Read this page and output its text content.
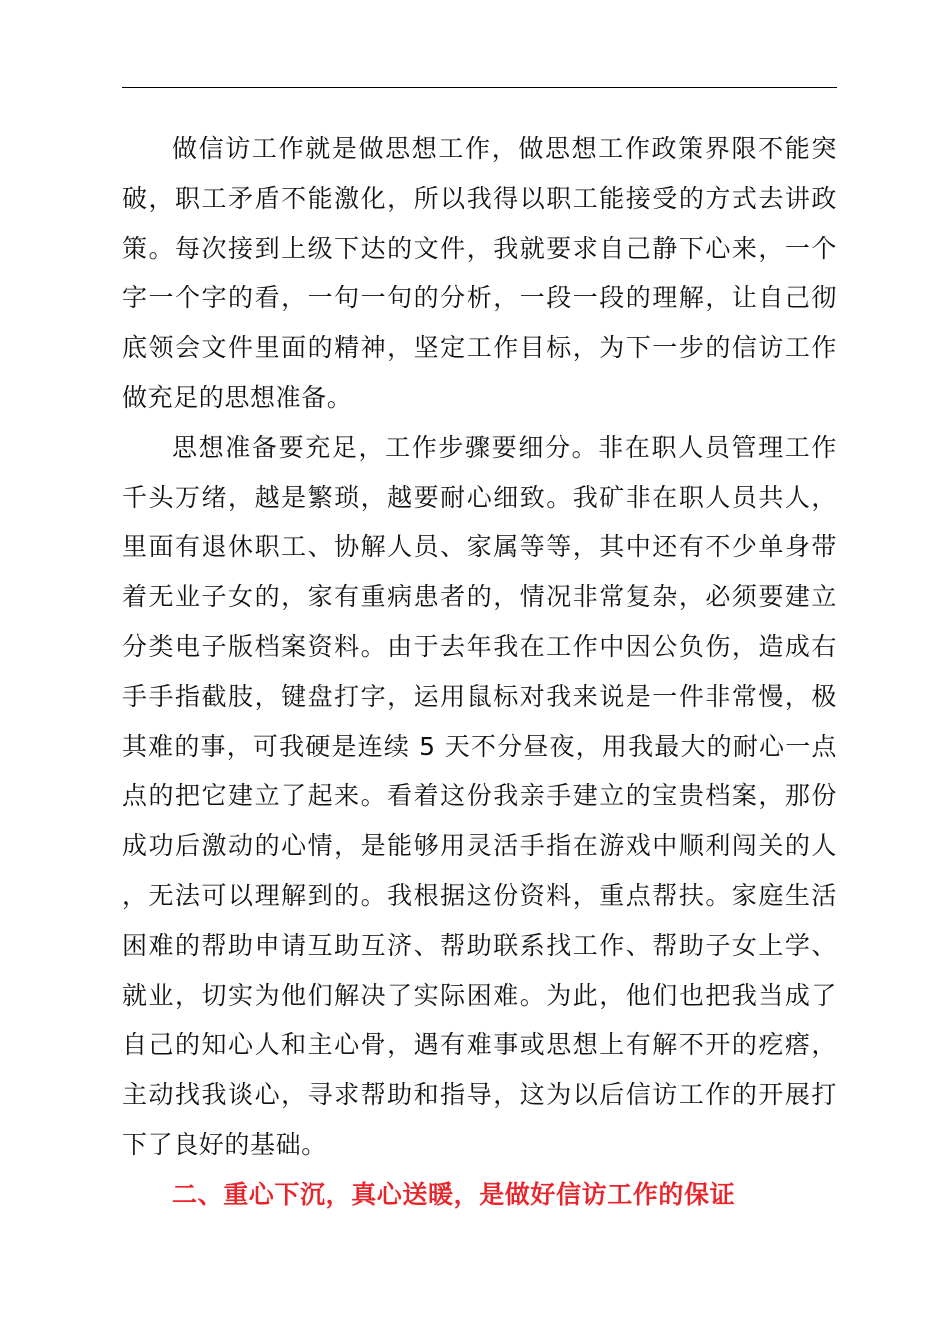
做信访工作就是做思想工作，做思想工作政策界限不能突破，职工矛盾不能激化，所以我得以职工能接受的方式去讲政策。每次接到上级下达的文件，我就要求自己静下心来，一个字一个字的看，一句一句的分析，一段一段的理解，让自己彻底领会文件里面的精神，坚定工作目标，为下一步的信访工作做充足的思想准备。

思想准备要充足，工作步骤要细分。非在职人员管理工作千头万绪，越是繁琐，越要耐心细致。我矿非在职人员共人，里面有退休职工、协解人员、家属等等，其中还有不少单身带着无业子女的，家有重病患者的，情况非常复杂，必须要建立分类电子版档案资料。由于去年我在工作中因公负伤，造成右手手指截肢，键盘打字，运用鼠标对我来说是一件非常慢，极其难的事，可我硬是连续 5 天不分昼夜，用我最大的耐心一点点的把它建立了起来。看着这份我亲手建立的宝贵档案，那份成功后激动的心情，是能够用灵活手指在游戏中顺利闯关的人，无法可以理解到的。我根据这份资料，重点帮扶。家庭生活困难的帮助申请互助互济、帮助联系找工作、帮助子女上学、就业，切实为他们解决了实际困难。为此，他们也把我当成了自己的知心人和主心骨，遇有难事或思想上有解不开的疙瘩，主动找我谈心，寻求帮助和指导，这为以后信访工作的开展打下了良好的基础。

二、重心下沉，真心送暖，是做好信访工作的保证
